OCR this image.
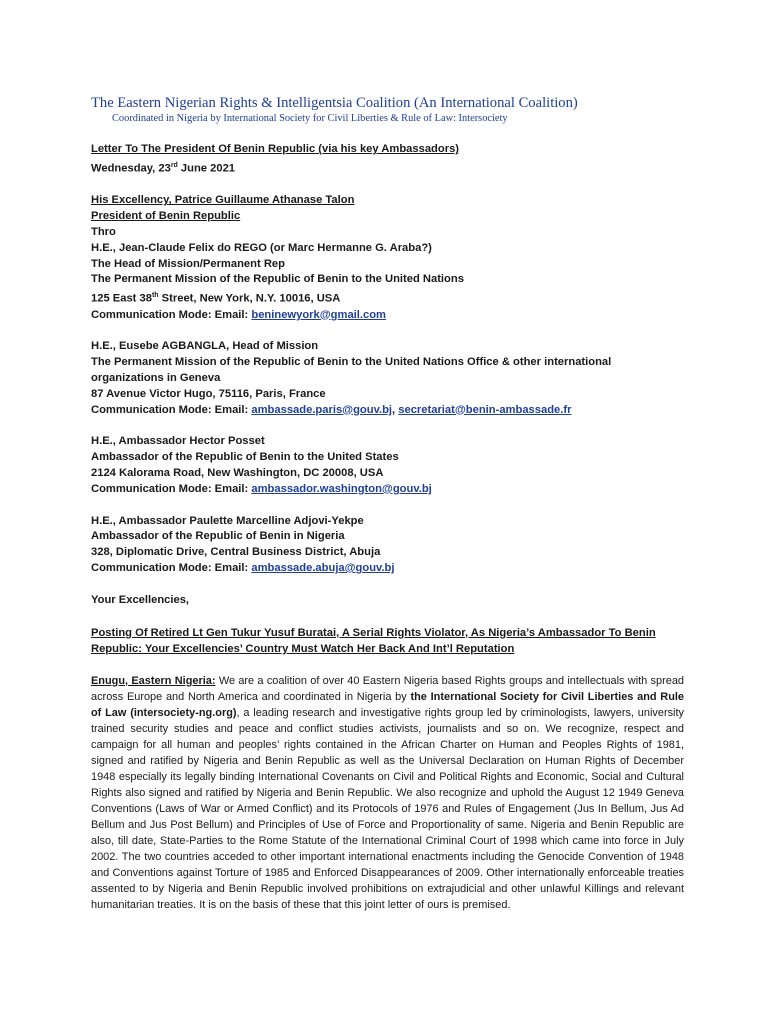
The Eastern Nigerian Rights & Intelligentsia Coalition (An International Coalition)

Coordinated in Nigeria by International Society for Civil Liberties & Rule of Law: Intersociety

Letter To The President Of Benin Republic (via his key Ambassadors)
Wednesday, 23rd June 2021
His Excellency, Patrice Guillaume Athanase Talon
President of Benin Republic
Thro
H.E., Jean-Claude Felix do REGO (or Marc Hermanne G. Araba?)
The Head of Mission/Permanent Rep
The Permanent Mission of the Republic of Benin to the United Nations
125 East 38th Street, New York, N.Y. 10016, USA
Communication Mode: Email: beninewyork@gmail.com
H.E., Eusebe AGBANGLA, Head of Mission
The Permanent Mission of the Republic of Benin to the United Nations Office & other international
organizations in Geneva
87 Avenue Victor Hugo, 75116, Paris, France
Communication Mode: Email: ambassade.paris@gouv.bj, secretariat@benin-ambassade.fr
H.E., Ambassador Hector Posset
Ambassador of the Republic of Benin to the United States
2124 Kalorama Road, New Washington, DC 20008, USA
Communication Mode: Email: ambassador.washington@gouv.bj
H.E., Ambassador Paulette Marcelline Adjovi-Yekpe
Ambassador of the Republic of Benin in Nigeria
328, Diplomatic Drive, Central Business District, Abuja
Communication Mode: Email: ambassade.abuja@gouv.bj
Your Excellencies,

Posting Of Retired Lt Gen Tukur Yusuf Buratai, A Serial Rights Violator, As Nigeria’s Ambassador To Benin
Republic: Your Excellencies’ Country Must Watch Her Back And Int’l Reputation

Enugu, Eastern Nigeria: We are a coalition of over 40 Eastern Nigeria based Rights groups and intellectuals with spread across Europe and North America and coordinated in Nigeria by the International Society for Civil Liberties and Rule of Law (intersociety-ng.org), a leading research and investigative rights group led by criminologists, lawyers, university trained security studies and peace and conflict studies activists, journalists and so on. We recognize, respect and campaign for all human and peoples’ rights contained in the African Charter on Human and Peoples Rights of 1981, signed and ratified by Nigeria and Benin Republic as well as the Universal Declaration on Human Rights of December 1948 especially its legally binding International Covenants on Civil and Political Rights and Economic, Social and Cultural Rights also signed and ratified by Nigeria and Benin Republic. We also recognize and uphold the August 12 1949 Geneva Conventions (Laws of War or Armed Conflict) and its Protocols of 1976 and Rules of Engagement (Jus In Bellum, Jus Ad Bellum and Jus Post Bellum) and Principles of Use of Force and Proportionality of same. Nigeria and Benin Republic are also, till date, State-Parties to the Rome Statute of the International Criminal Court of 1998 which came into force in July 2002. The two countries acceded to other important international enactments including the Genocide Convention of 1948 and Conventions against Torture of 1985 and Enforced Disappearances of 2009. Other internationally enforceable treaties assented to by Nigeria and Benin Republic involved prohibitions on extrajudicial and other unlawful Killings and relevant humanitarian treaties. It is on the basis of these that this joint letter of ours is premised.
